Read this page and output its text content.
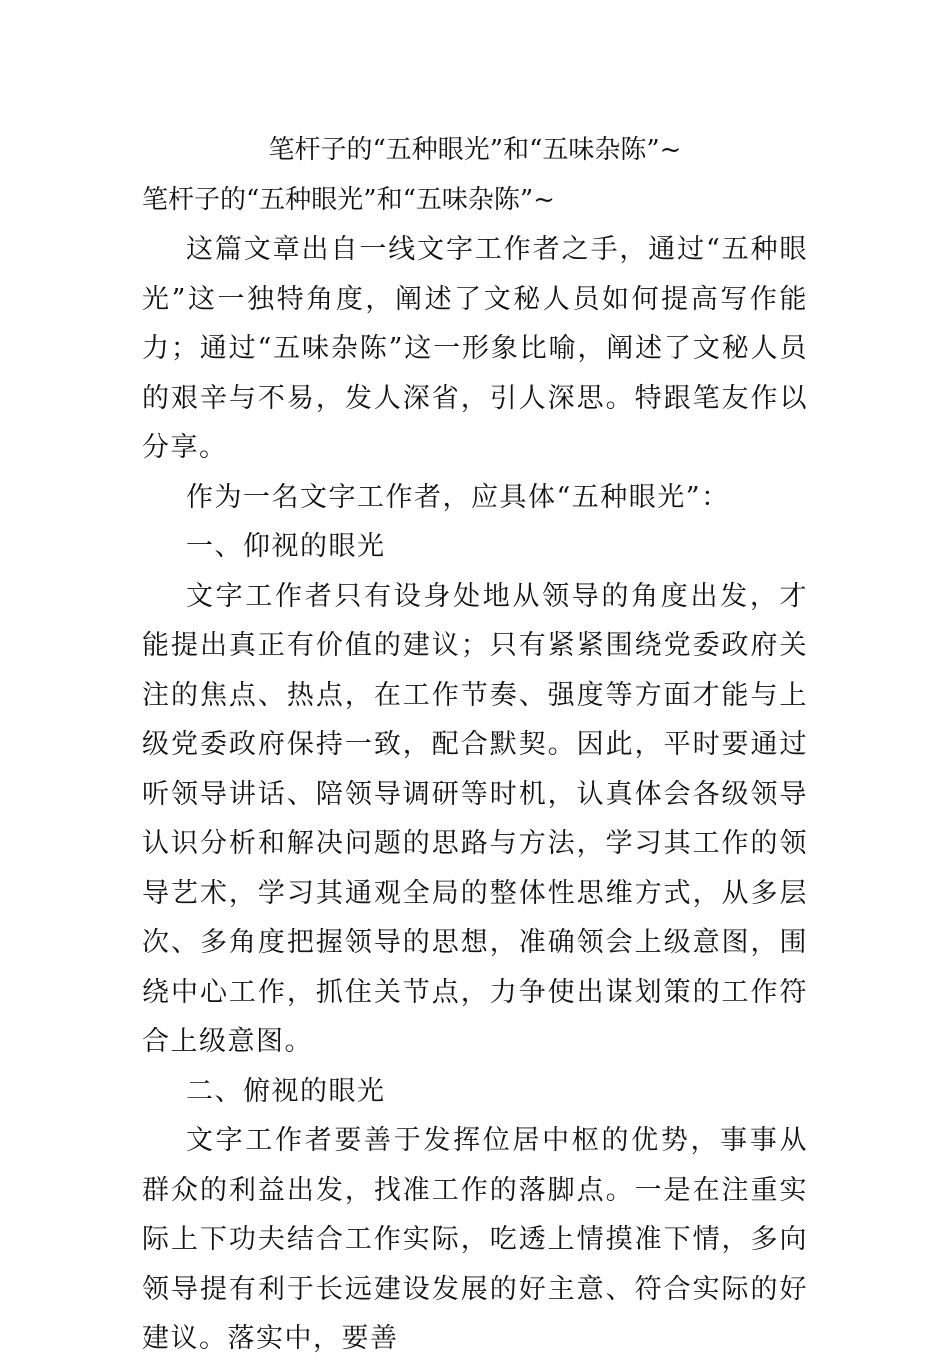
笔杆子的“五种眼光”和“五味杂陈”~

笔杆子的“五种眼光”和“五味杂陈”~

这篇文章出自一线文字工作者之手，通过“五种眼光”这一独特角度，阐述了文秘人员如何提高写作能力；通过“五味杂陈”这一形象比喻，阐述了文秘人员的艰辛与不易，发人深省，引人深思。特跟笔友作以分享。

作为一名文字工作者，应具体“五种眼光”：

一、仰视的眼光

文字工作者只有设身处地从领导的角度出发，才能提出真正有价值的建议；只有紧紧围绕党委政府关注的焦点、热点，在工作节奏、强度等方面才能与上级党委政府保持一致，配合默契。因此，平时要通过听领导讲话、陪领导调研等时机，认真体会各级领导认识分析和解决问题的思路与方法，学习其工作的领导艺术，学习其通观全局的整体性思维方式，从多层次、多角度把握领导的思想，准确领会上级意图，围绕中心工作，抓住关节点，力争使出谋划策的工作符合上级意图。

二、俯视的眼光

文字工作者要善于发挥位居中枢的优势，事事从群众的利益出发，找准工作的落脚点。一是在注重实际上下功夫结合工作实际，吃透上情摸准下情，多向领导提有利于长远建设发展的好主意、符合实际的好建议。落实中，要善
